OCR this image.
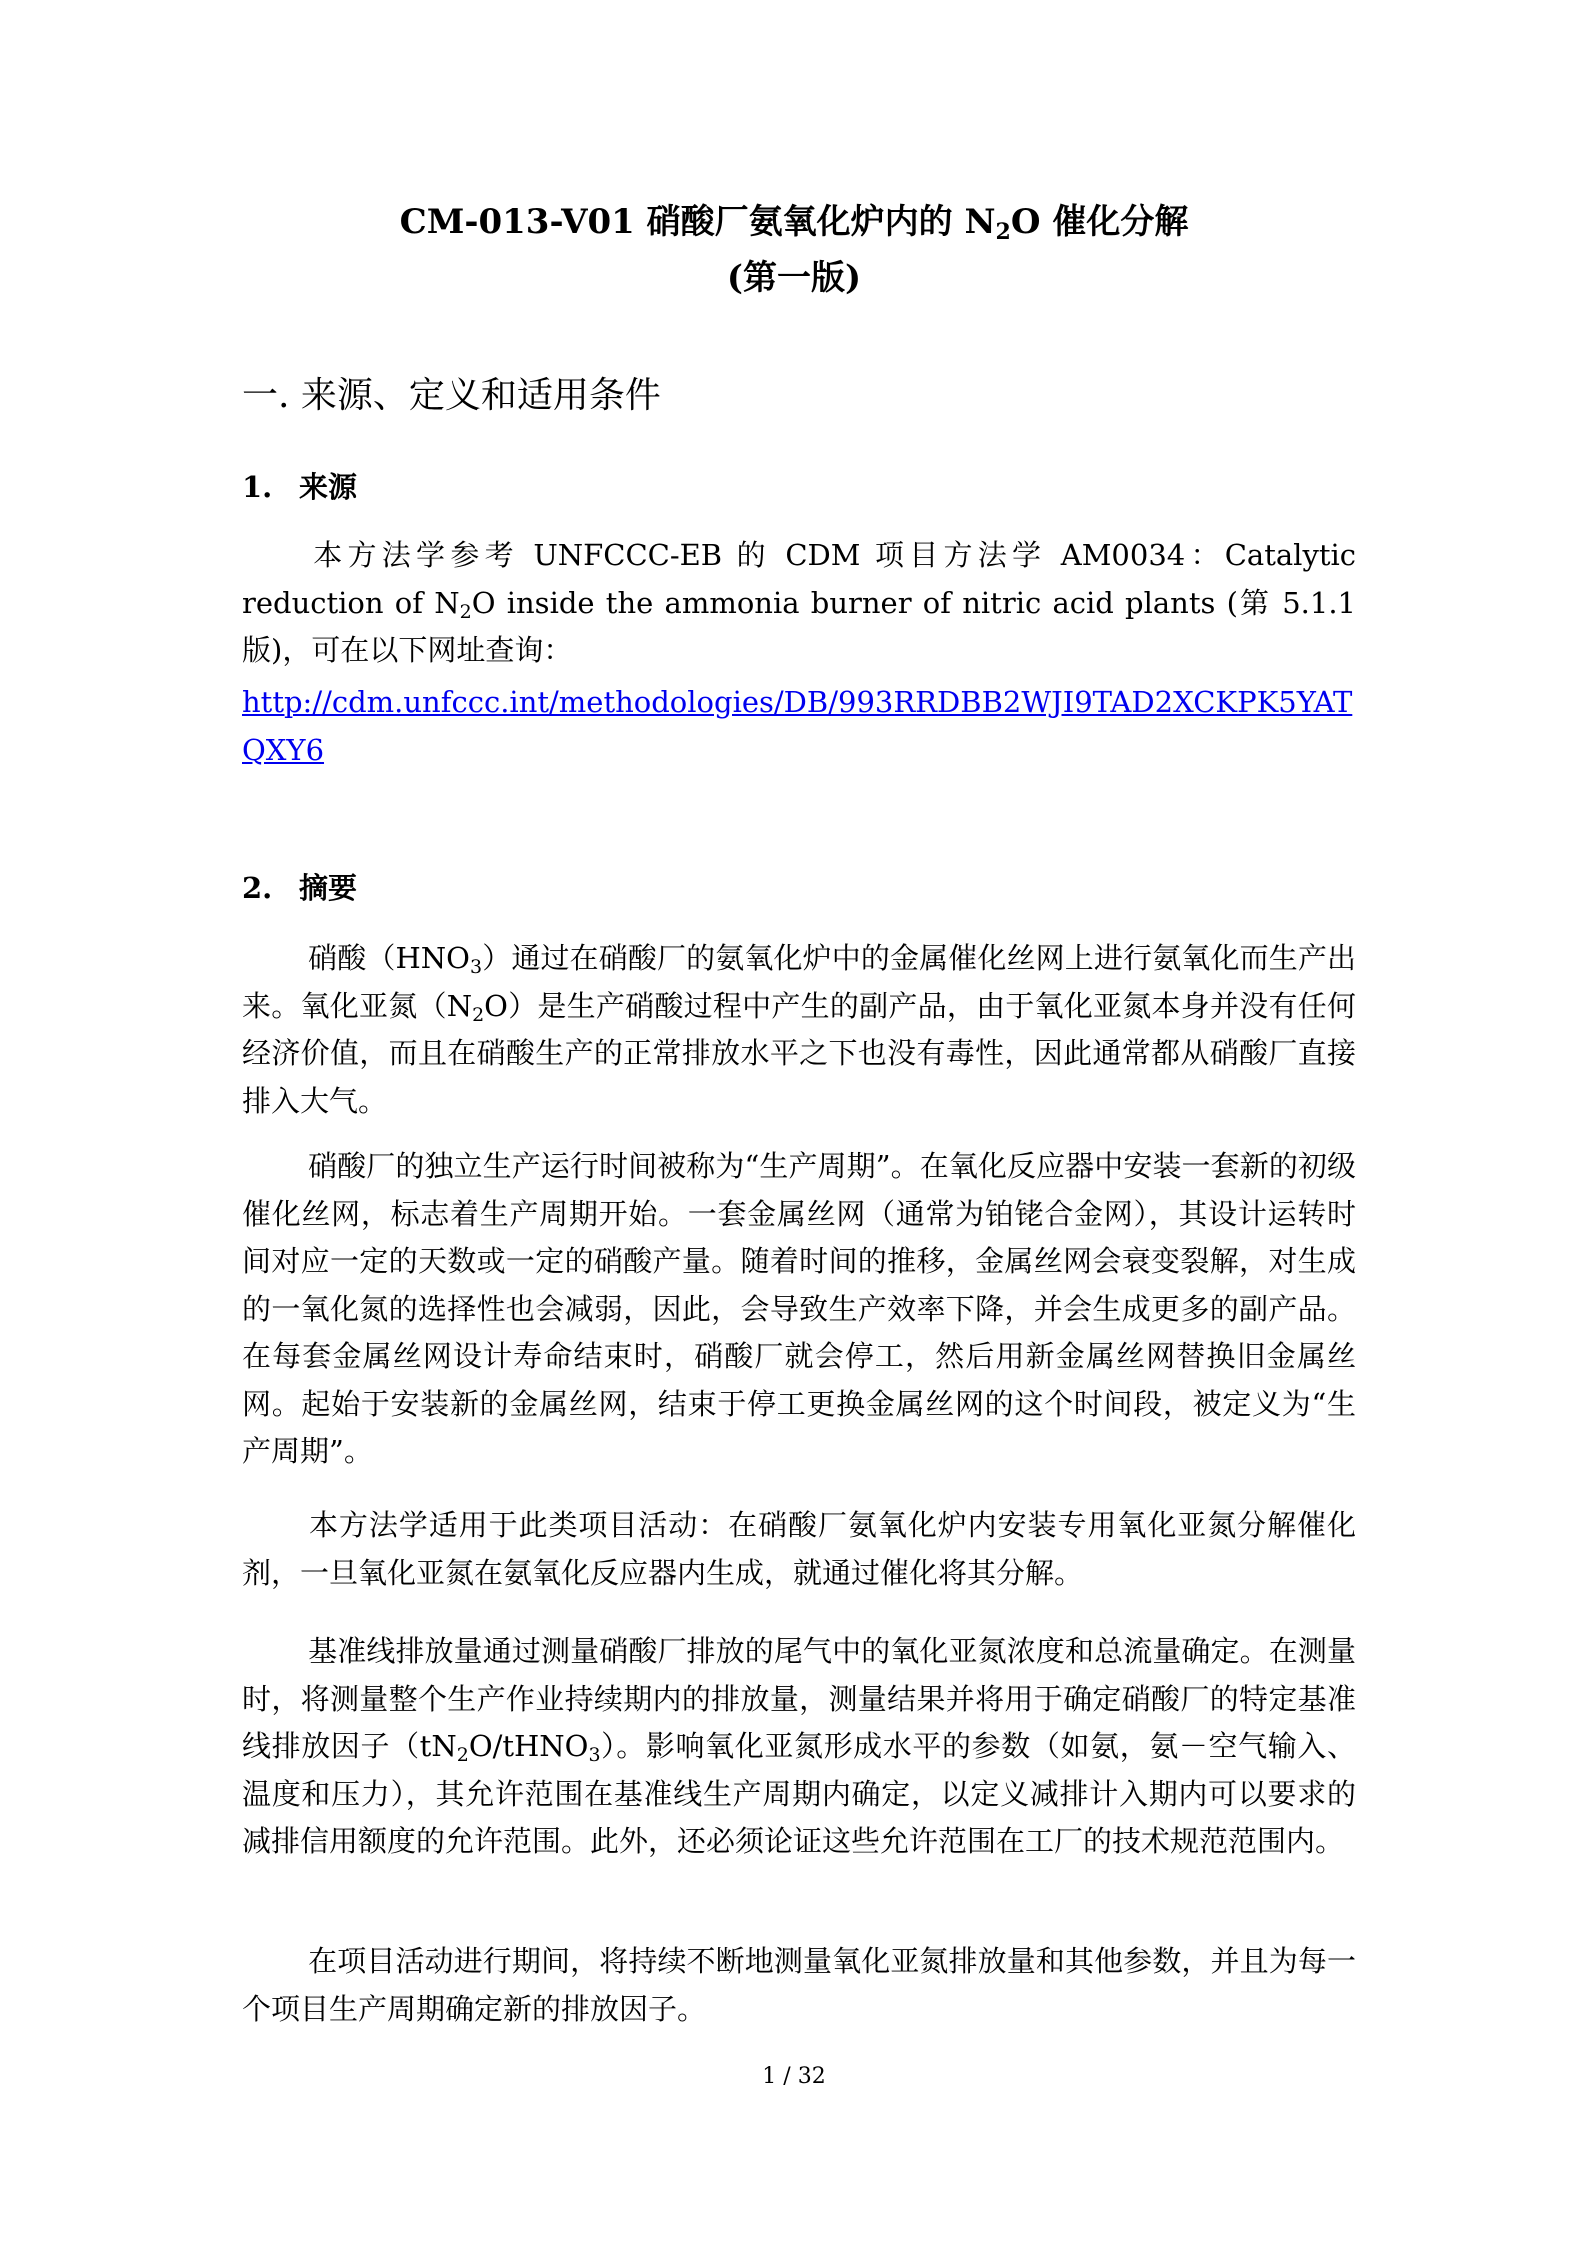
CM-013-V01 硝酸厂氨氧化炉内的 $N_2O$ 催化分解
(第一版)
一. 来源、定义和适用条件
1. 来源

本方法学参考 UNFCCC-EB 的 CDM 项目方法学 AM0034：Catalytic reduction of $N_2O$ inside the ammonia burner of nitric acid plants (第 5.1.1 版)，可在以下网址查询：

http://cdm.unfccc.int/methodologies/DB/993RRDBB2WJI9TAD2XCKPK5YATQXY6

2. 摘要

硝酸$(HNO_3)$通过在硝酸厂的氨氧化炉中的金属催化丝网上进行氨氧化而生产出来。氧化亚氮$(N_2O)$是生产硝酸过程中产生的副产品，由于氧化亚氮本身并没有任何经济价值，而且在硝酸生产的正常排放水平之下也没有毒性，因此通常都从硝酸厂直接排入大气。

硝酸厂的独立生产运行时间被称为“生产周期”。在氧化反应器中安装一套新的初级催化丝网，标志着生产周期开始。一套金属丝网（通常为铂铑合金网），其设计运转时间对应一定的天数或一定的硝酸产量。随着时间的推移，金属丝网会衰变裂解，对生成的一氧化氮的选择性也会减弱，因此，会导致生产效率下降，并会生成更多的副产品。在每套金属丝网设计寿命结束时，硝酸厂就会停工，然后用新金属丝网替换旧金属丝网。起始于安装新的金属丝网，结束于停工更换金属丝网的这个时间段，被定义为“生产周期”。

本方法学适用于此类项目活动：在硝酸厂氨氧化炉内安装专用氧化亚氮分解催化剂，一旦氧化亚氮在氨氧化反应器内生成，就通过催化将其分解。

基准线排放量通过测量硝酸厂排放的尾气中的氧化亚氮浓度和总流量确定。在测量时，将测量整个生产作业持续期内的排放量，测量结果并将用于确定硝酸厂的特定基准线排放因子$(tN_2O/tHNO_3)$。影响氧化亚氮形成水平的参数（如氨，氨－空气输入、温度和压力），其允许范围在基准线生产周期内确定，以定义减排计入期内可以要求的减排信用额度的允许范围。此外，还必须论证这些允许范围在工厂的技术规范范围内。

在项目活动进行期间，将持续不断地测量氧化亚氮排放量和其他参数，并且为每一个项目生产周期确定新的排放因子。

1 / 32
